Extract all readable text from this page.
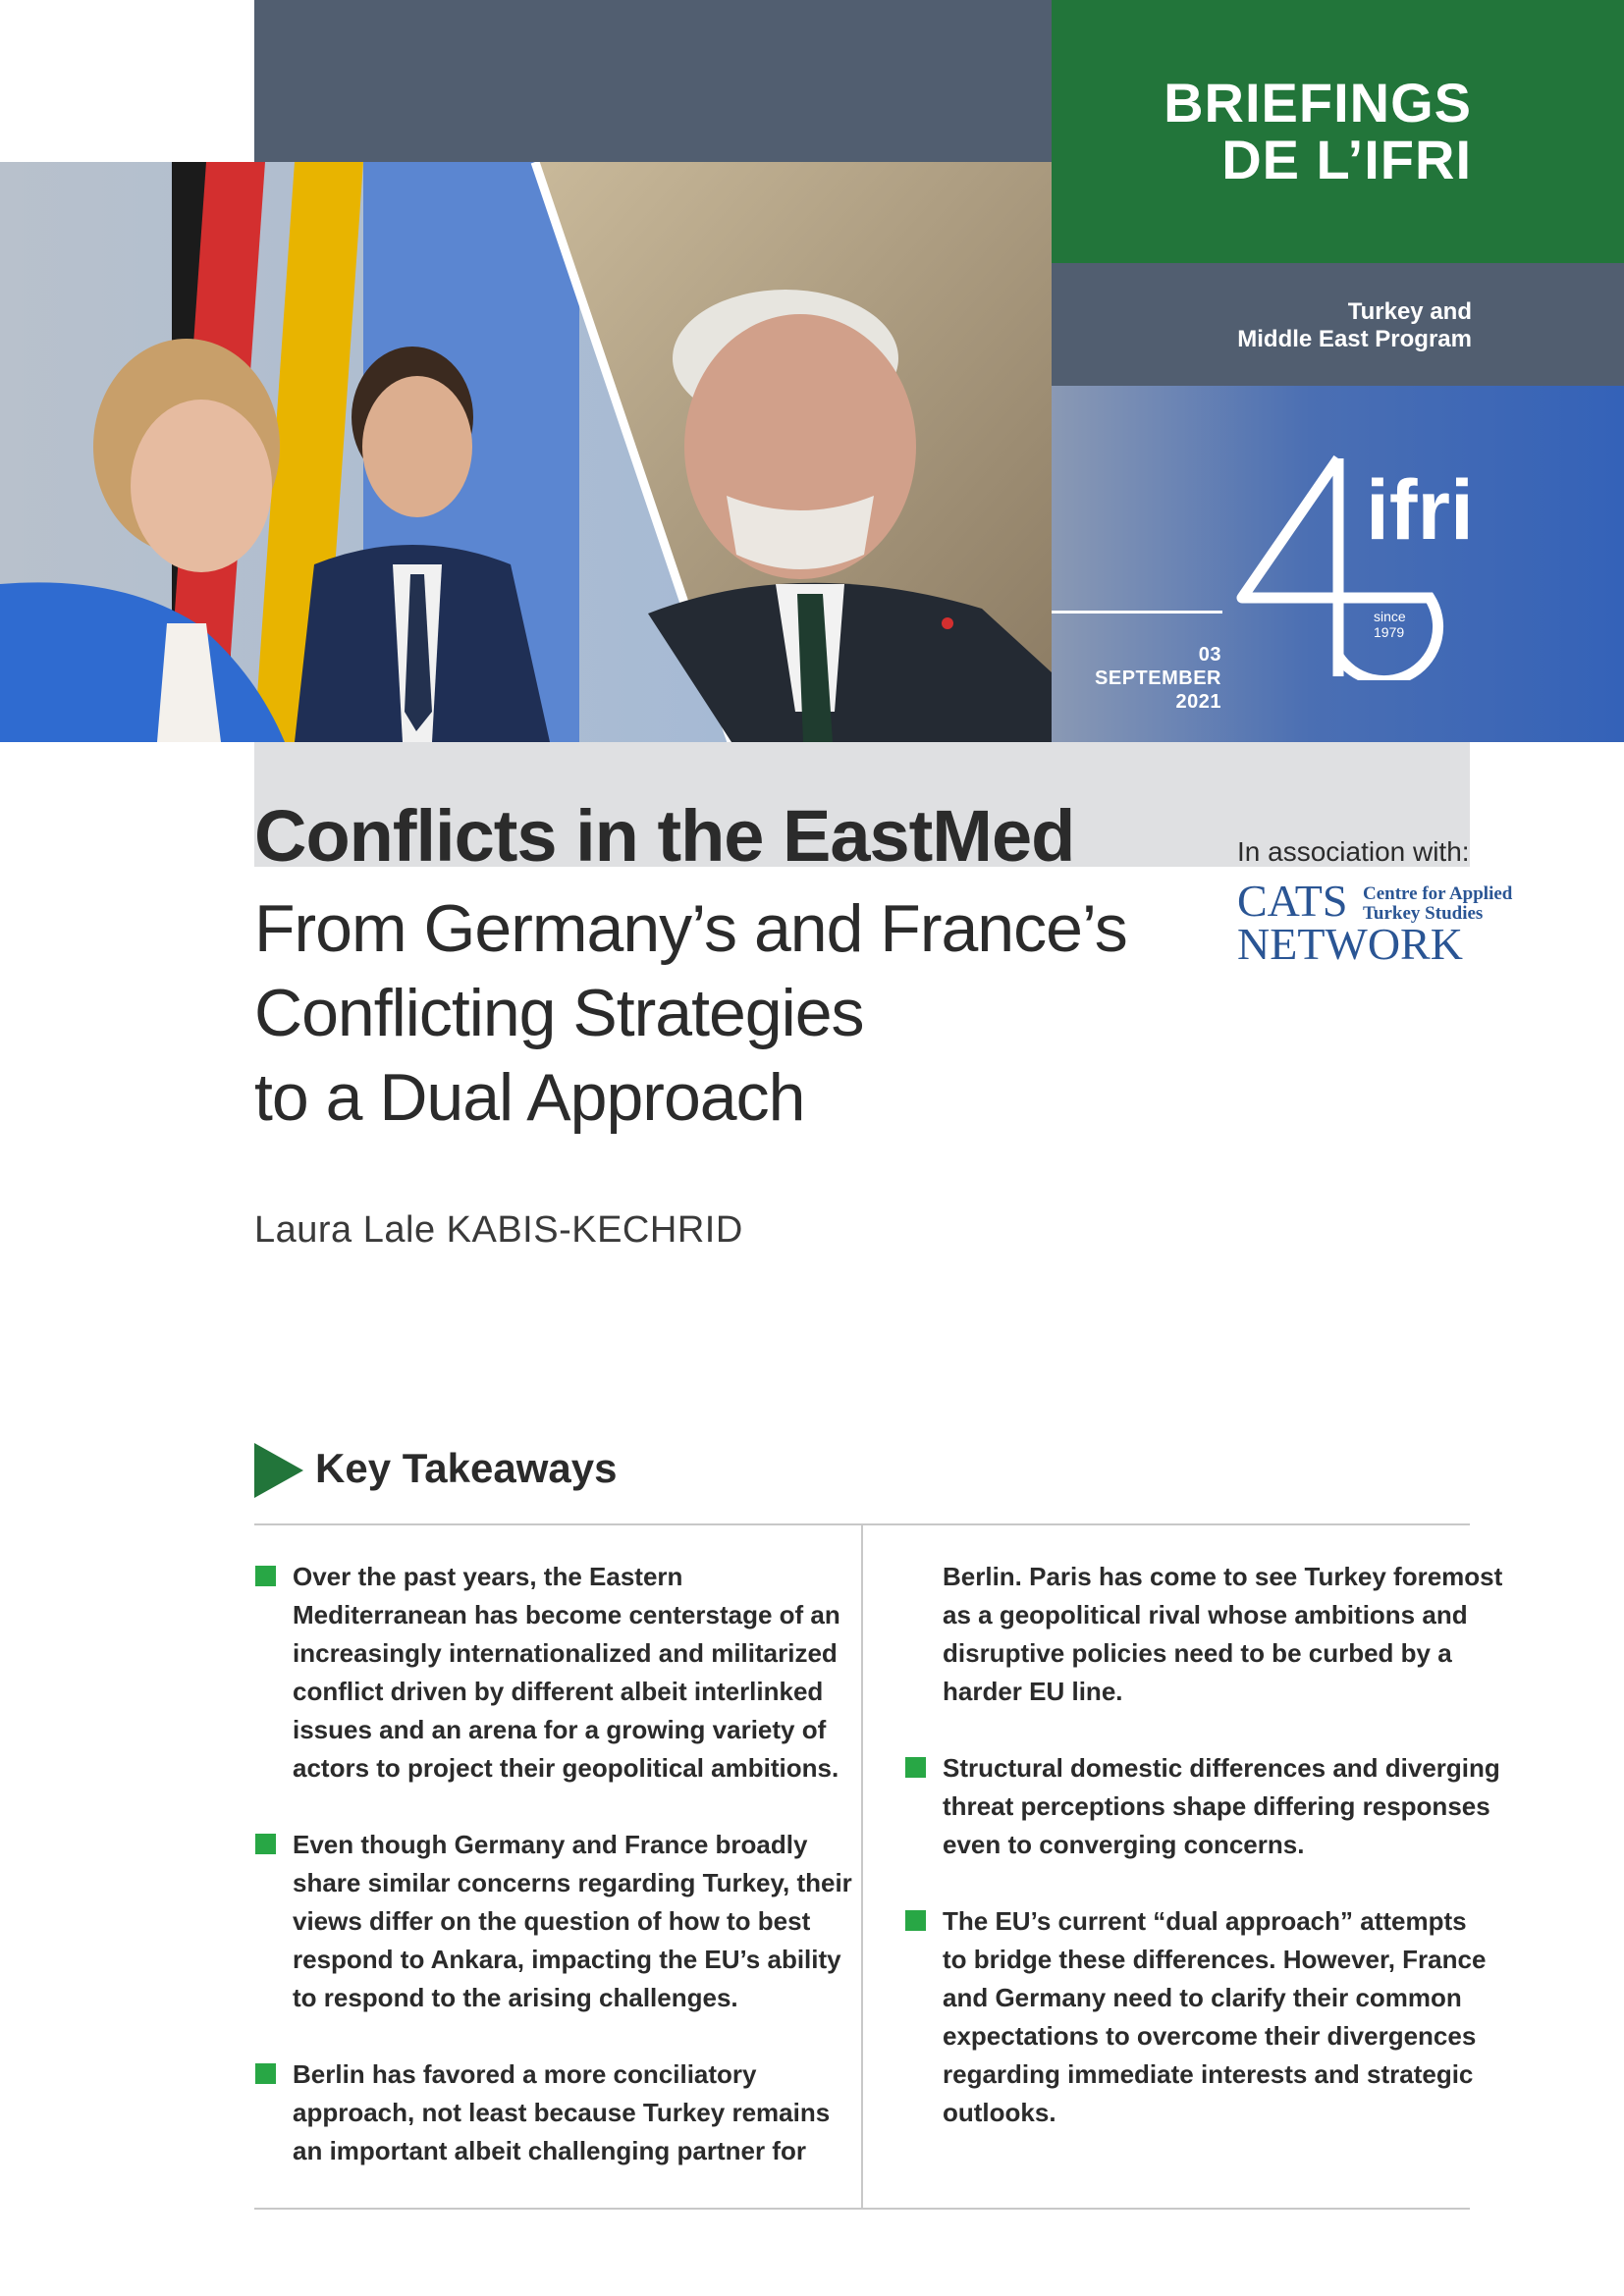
BRIEFINGS
DE L’IFRI
Turkey and
Middle East Program
03
SEPTEMBER
2021
ifri
since
1979
Conflicts in the EastMed
From Germany’s and France’s
Conflicting Strategies
to a Dual Approach
In association with:
CATS
NETWORK
Centre for Applied
Turkey Studies
Laura Lale KABIS-KECHRID
Key Takeaways
Over the past years, the Eastern
Mediterranean has become centerstage of an
increasingly internationalized and militarized
conflict driven by different albeit interlinked
issues and an arena for a growing variety of
actors to project their geopolitical ambitions.
Even though Germany and France broadly
share similar concerns regarding Turkey, their
views differ on the question of how to best
respond to Ankara, impacting the EU’s ability
to respond to the arising challenges.
Berlin has favored a more conciliatory
approach, not least because Turkey remains
an important albeit challenging partner for
Berlin. Paris has come to see Turkey foremost
as a geopolitical rival whose ambitions and
disruptive policies need to be curbed by a
harder EU line.
Structural domestic differences and diverging
threat perceptions shape differing responses
even to converging concerns.
The EU’s current “dual approach” attempts
to bridge these differences. However, France
and Germany need to clarify their common
expectations to overcome their divergences
regarding immediate interests and strategic
outlooks.
